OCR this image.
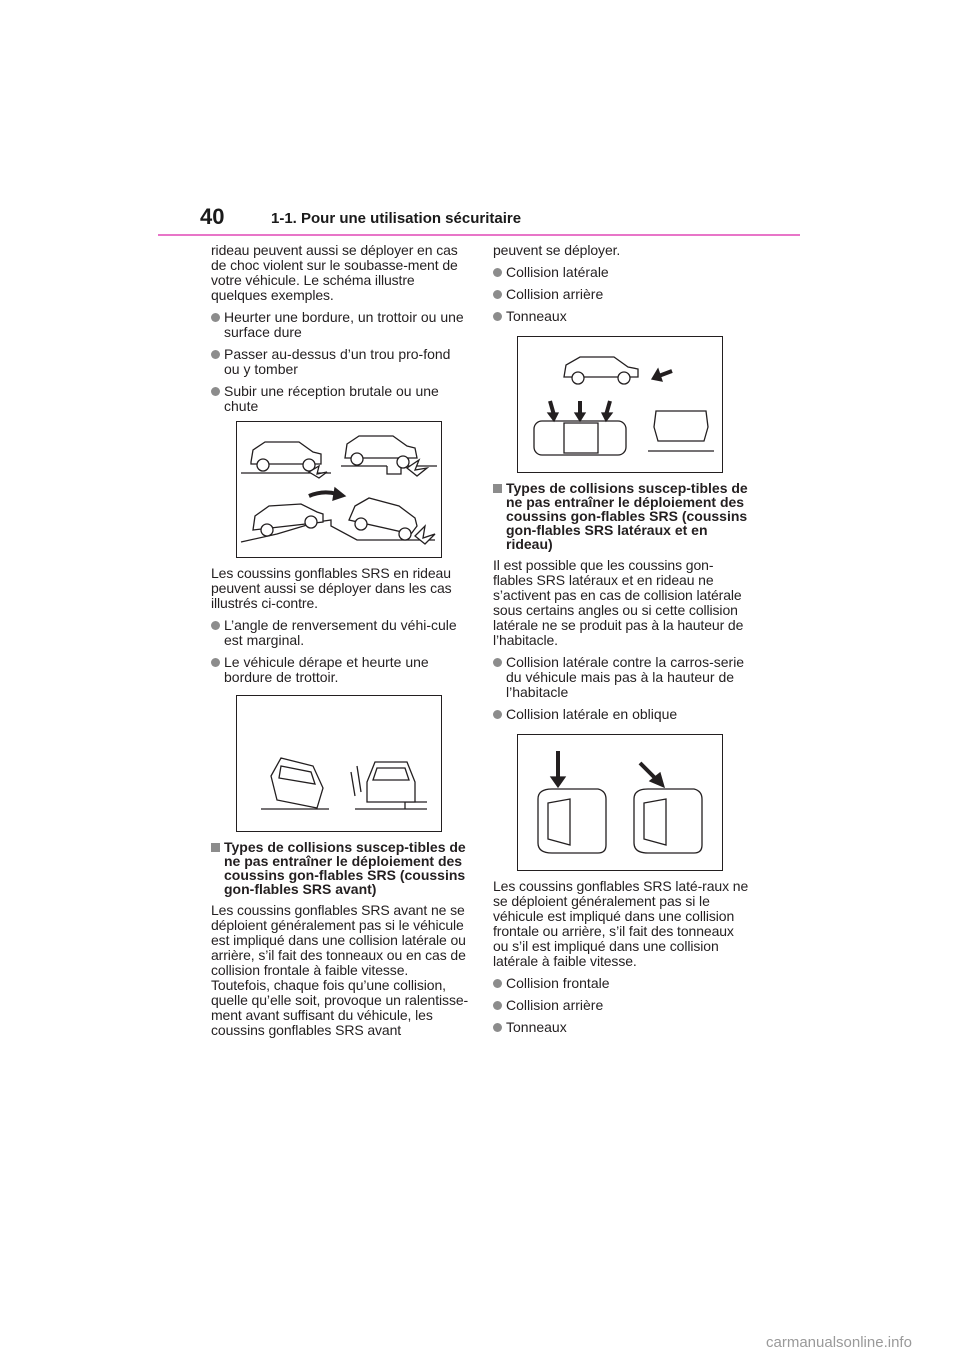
40	1-1. Pour une utilisation sécuritaire

rideau peuvent aussi se déployer en cas de choc violent sur le soubasse-ment de votre véhicule. Le schéma illustre quelques exemples.

Heurter une bordure, un trottoir ou une surface dure
Passer au-dessus d’un trou pro-fond ou y tomber
Subir une réception brutale ou une chute

Les coussins gonflables SRS en rideau peuvent aussi se déployer dans les cas illustrés ci-contre.

L’angle de renversement du véhi-cule est marginal.
Le véhicule dérape et heurte une bordure de trottoir.
Types de collisions suscep-tibles de ne pas entraîner le déploiement des coussins gon-flables SRS (coussins gon-flables SRS avant)

Les coussins gonflables SRS avant ne se déploient généralement pas si le véhicule est impliqué dans une collision latérale ou arrière, s’il fait des tonneaux ou en cas de collision frontale à faible vitesse. Toutefois, chaque fois qu’une collision, quelle qu’elle soit, provoque un ralentisse-ment avant suffisant du véhicule, les coussins gonflables SRS avant

peuvent se déployer.

Collision latérale
Collision arrière
Tonneaux
Types de collisions suscep-tibles de ne pas entraîner le déploiement des coussins gon-flables SRS (coussins gon-flables SRS latéraux et en rideau)

Il est possible que les coussins gon-flables SRS latéraux et en rideau ne s’activent pas en cas de collision latérale sous certains angles ou si cette collision latérale ne se produit pas à la hauteur de l’habitacle.

Collision latérale contre la carros-serie du véhicule mais pas à la hauteur de l’habitacle
Collision latérale en oblique

Les coussins gonflables SRS laté-raux ne se déploient généralement pas si le véhicule est impliqué dans une collision frontale ou arrière, s’il fait des tonneaux ou s’il est impliqué dans une collision latérale à faible vitesse.

Collision frontale
Collision arrière
Tonneaux
carmanualsonline.info
